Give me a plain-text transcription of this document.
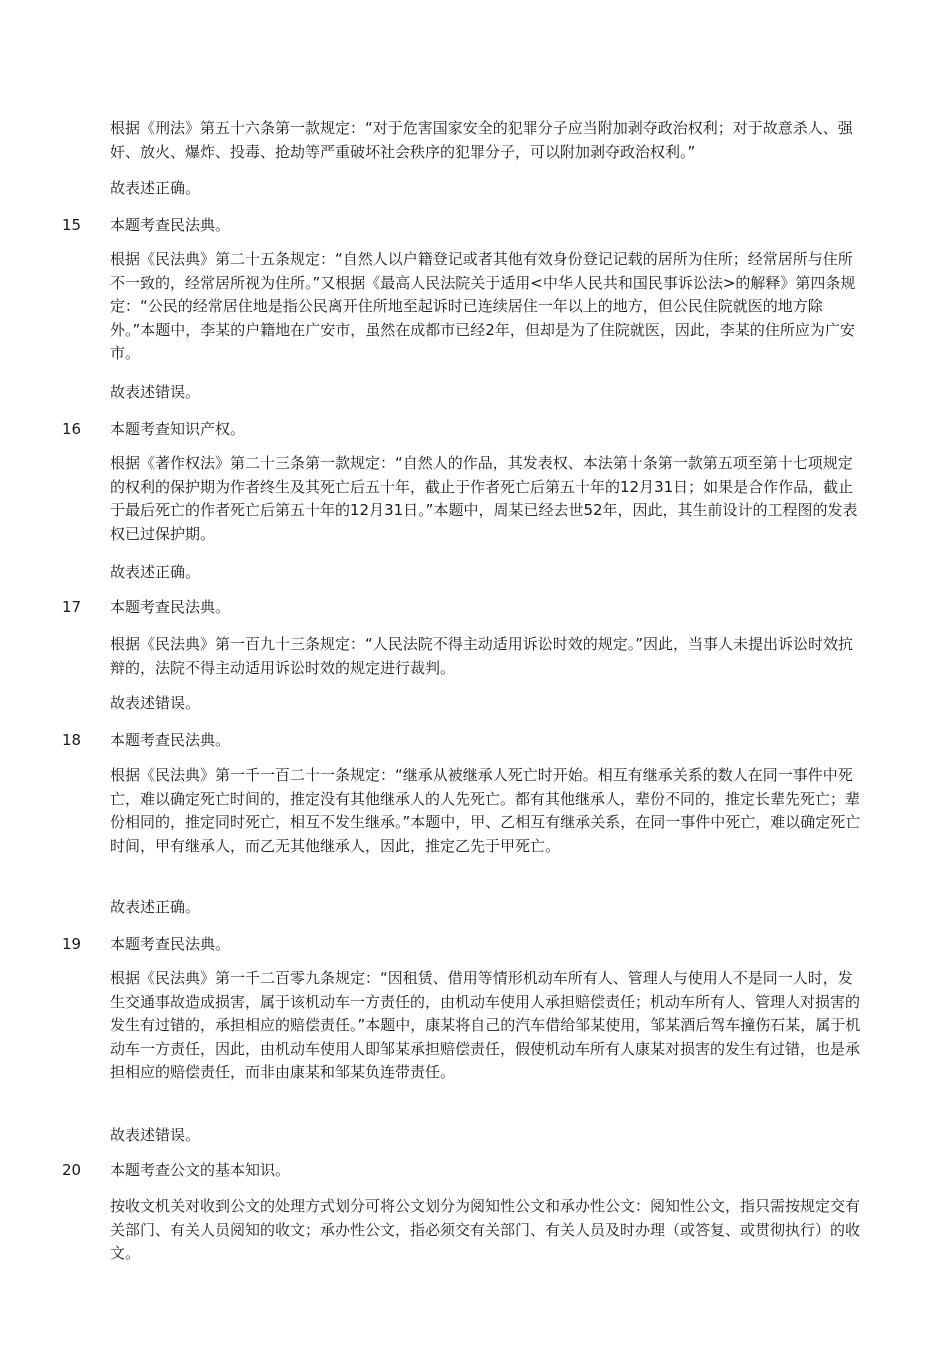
根据《刑法》第五十六条第一款规定：“对于危害国家安全的犯罪分子应当附加剥夺政治权利；对于故意杀人、强奸、放火、爆炸、投毒、抢劫等严重破坏社会秩序的犯罪分子，可以附加剥夺政治权利。”

故表述正确。

15	本题考查民法典。

根据《民法典》第二十五条规定：“自然人以户籍登记或者其他有效身份登记记载的居所为住所；经常居所与住所不一致的，经常居所视为住所。”又根据《最高人民法院关于适用<中华人民共和国民事诉讼法>的解释》第四条规定：“公民的经常居住地是指公民离开住所地至起诉时已连续居住一年以上的地方，但公民住院就医的地方除外。”本题中，李某的户籍地在广安市，虽然在成都市已经2年，但却是为了住院就医，因此，李某的住所应为广安市。

故表述错误。

16	本题考查知识产权。

根据《著作权法》第二十三条第一款规定：“自然人的作品，其发表权、本法第十条第一款第五项至第十七项规定的权利的保护期为作者终生及其死亡后五十年，截止于作者死亡后第五十年的12月31日；如果是合作作品，截止于最后死亡的作者死亡后第五十年的12月31日。”本题中，周某已经去世52年，因此，其生前设计的工程图的发表权已过保护期。

故表述正确。

17	本题考查民法典。

根据《民法典》第一百九十三条规定：“人民法院不得主动适用诉讼时效的规定。”因此，当事人未提出诉讼时效抗辩的，法院不得主动适用诉讼时效的规定进行裁判。

故表述错误。

18	本题考查民法典。

根据《民法典》第一千一百二十一条规定：“继承从被继承人死亡时开始。相互有继承关系的数人在同一事件中死亡，难以确定死亡时间的，推定没有其他继承人的人先死亡。都有其他继承人，辈份不同的，推定长辈先死亡；辈份相同的，推定同时死亡，相互不发生继承。”本题中，甲、乙相互有继承关系，在同一事件中死亡，难以确定死亡时间，甲有继承人，而乙无其他继承人，因此，推定乙先于甲死亡。

故表述正确。

19	本题考查民法典。

根据《民法典》第一千二百零九条规定：“因租赁、借用等情形机动车所有人、管理人与使用人不是同一人时，发生交通事故造成损害，属于该机动车一方责任的，由机动车使用人承担赔偿责任；机动车所有人、管理人对损害的发生有过错的，承担相应的赔偿责任。”本题中，康某将自己的汽车借给邹某使用，邹某酒后驾车撞伤石某，属于机动车一方责任，因此，由机动车使用人即邹某承担赔偿责任，假使机动车所有人康某对损害的发生有过错，也是承担相应的赔偿责任，而非由康某和邹某负连带责任。

故表述错误。

20	本题考查公文的基本知识。

按收文机关对收到公文的处理方式划分可将公文划分为阅知性公文和承办性公文：阅知性公文，指只需按规定交有关部门、有关人员阅知的收文；承办性公文，指必须交有关部门、有关人员及时办理（或答复、或贯彻执行）的收文。
